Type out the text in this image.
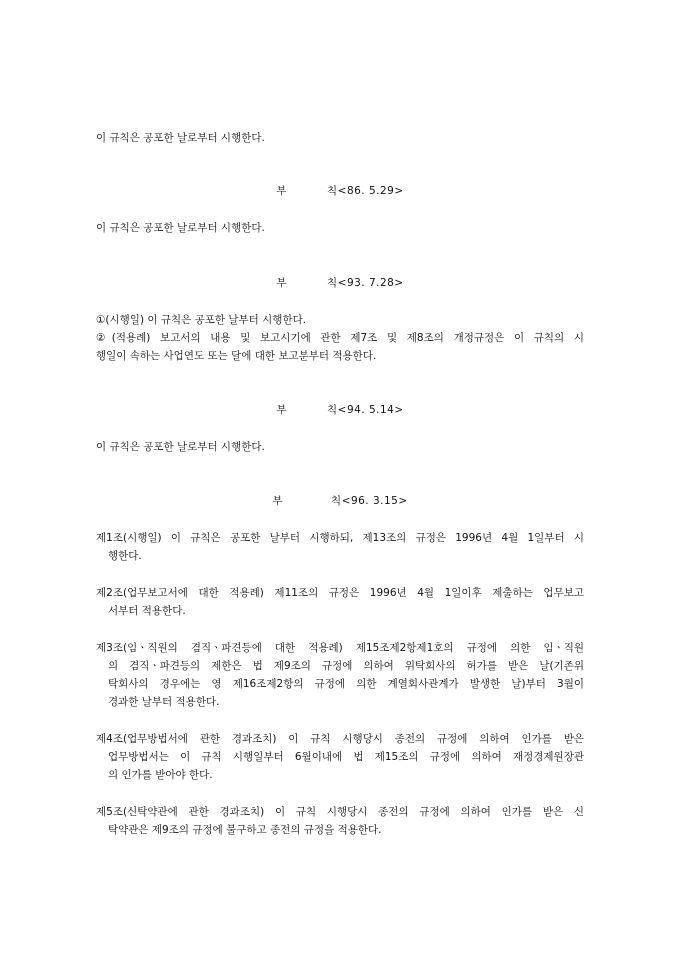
이 규칙은 공포한 날로부터 시행한다.
부	칙<86. 5.29>
이 규칙은 공포한 날로부터 시행한다.
부	칙<93. 7.28>
①(시행일) 이 규칙은 공포한 날부터 시행한다.
②(적용례) 보고서의 내용 및 보고시기에 관한 제7조 및 제8조의 개정규정은 이 규칙의 시
행일이 속하는 사업연도 또는 달에 대한 보고분부터 적용한다.
부	칙<94. 5.14>
이 규칙은 공포한 날로부터 시행한다.
부	칙<96. 3.15>
제1조(시행일) 이 규칙은 공포한 날부터 시행하되, 제13조의 규정은 1996년 4월 1일부터 시
행한다.
제2조(업무보고서에 대한 적용례) 제11조의 규정은 1996년 4월 1일이후 제출하는 업무보고
서부터 적용한다.
제3조(임ㆍ직원의 겸직ㆍ파견등에 대한 적용례) 제15조제2항제1호의 규정에 의한 임ㆍ직원
의 겸직ㆍ파견등의 제한은 법 제9조의 규정에 의하여 위탁회사의 허가를 받은 날(기존위
탁회사의 경우에는 영 제16조제2항의 규정에 의한 계열회사관계가 발생한 날)부터 3월이
경과한 날부터 적용한다.
제4조(업무방법서에 관한 경과조치) 이 규칙 시행당시 종전의 규정에 의하여 인가를 받은
업무방법서는 이 규칙 시행일부터 6월이내에 법 제15조의 규정에 의하여 재정경제원장관
의 인가를 받아야 한다.
제5조(신탁약관에 관한 경과조치) 이 규칙 시행당시 종전의 규정에 의하여 인가를 받은 신
탁약관은 제9조의 규정에 불구하고 종전의 규정을 적용한다.
